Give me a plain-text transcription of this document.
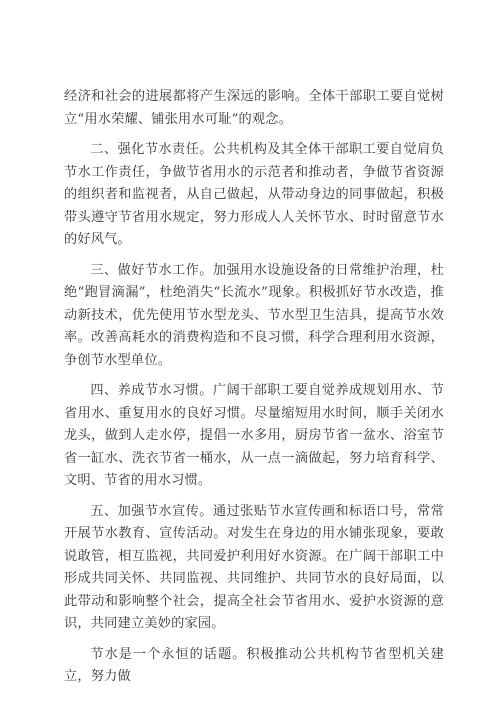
经济和社会的进展都将产生深远的影响。全体干部职工要自觉树立“用水荣耀、铺张用水可耻”的观念。

二、强化节水责任。公共机构及其全体干部职工要自觉肩负节水工作责任，争做节省用水的示范者和推动者，争做节省资源的组织者和监视者，从自己做起，从带动身边的同事做起，积极带头遵守节省用水规定，努力形成人人关怀节水、时时留意节水的好风气。

三、做好节水工作。加强用水设施设备的日常维护治理，杜绝“跑冒滴漏”，杜绝消失“长流水”现象。积极抓好节水改造，推动新技术，优先使用节水型龙头、节水型卫生洁具，提高节水效率。改善高耗水的消费构造和不良习惯，科学合理利用水资源，争创节水型单位。

四、养成节水习惯。广阔干部职工要自觉养成规划用水、节省用水、重复用水的良好习惯。尽量缩短用水时间，顺手关闭水龙头，做到人走水停，提倡一水多用，厨房节省一盆水、浴室节省一缸水、洗衣节省一桶水，从一点一滴做起，努力培育科学、文明、节省的用水习惯。

五、加强节水宣传。通过张贴节水宣传画和标语口号，常常开展节水教育、宣传活动。对发生在身边的用水铺张现象，要敢说敢管，相互监视，共同爱护利用好水资源。在广阔干部职工中形成共同关怀、共同监视、共同维护、共同节水的良好局面，以此带动和影响整个社会，提高全社会节省用水、爱护水资源的意识，共同建立美妙的家园。

节水是一个永恒的话题。积极推动公共机构节省型机关建立，努力做
